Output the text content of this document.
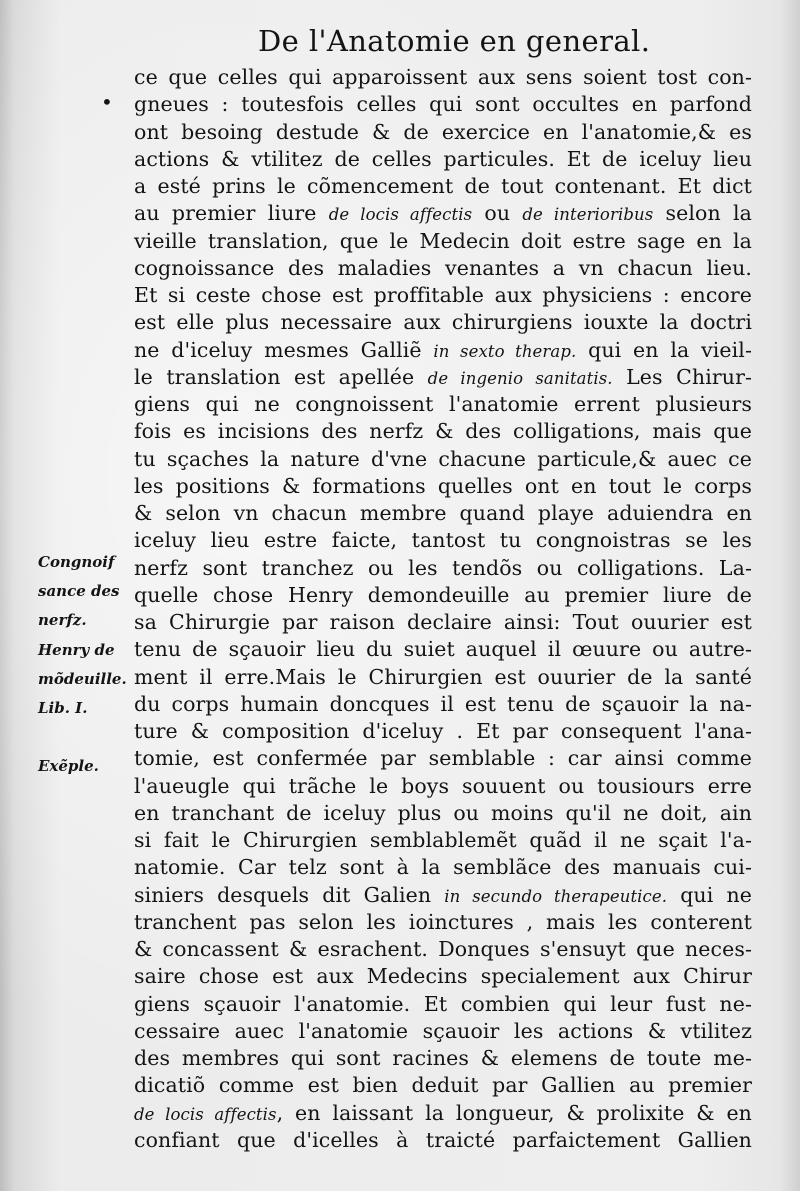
De l'Anatomie en general.
•
ce que celles qui apparoissent aux sens soient tost con-
gneues : toutesfois celles qui sont occultes en parfond
ont besoing destude & de exercice en l'anatomie,& es
actions & vtilitez de celles particules. Et de iceluy lieu
a esté prins le cõmencement de tout contenant. Et dict
au premier liure de locis affectis ou de interioribus selon la
vieille translation, que le Medecin doit estre sage en la
cognoissance des maladies venantes a vn chacun lieu.
Et si ceste chose est proffitable aux physiciens : encore
est elle plus necessaire aux chirurgiens iouxte la doctri
ne d'iceluy mesmes Galliẽ in sexto therap. qui en la vieil-
le translation est apellée de ingenio sanitatis. Les Chirur-
giens qui ne congnoissent l'anatomie errent plusieurs
fois es incisions des nerfz & des colligations, mais que
tu sçaches la nature d'vne chacune particule,& auec ce
les positions & formations quelles ont en tout le corps
& selon vn chacun membre quand playe aduiendra en
iceluy lieu estre faicte, tantost tu congnoistras se les
nerfz sont tranchez ou les tendõs ou colligations. La-
quelle chose Henry demondeuille au premier liure de
sa Chirurgie par raison declaire ainsi: Tout ouurier est
tenu de sçauoir lieu du suiet auquel il œuure ou autre-
ment il erre.Mais le Chirurgien est ouurier de la santé
du corps humain doncques il est tenu de sçauoir la na-
ture & composition d'iceluy . Et par consequent l'ana-
tomie, est confermée par semblable : car ainsi comme
l'aueugle qui trãche le boys souuent ou tousiours erre
en tranchant de iceluy plus ou moins qu'il ne doit, ain
si fait le Chirurgien semblablemẽt quãd il ne sçait l'a-
natomie. Car telz sont à la semblãce des manuais cui-
siniers desquels dit Galien in secundo therapeutice. qui ne
tranchent pas selon les ioinctures , mais les conterent
& concassent & esrachent. Donques s'ensuyt que neces-
saire chose est aux Medecins specialement aux Chirur
giens sçauoir l'anatomie. Et combien qui leur fust ne-
cessaire auec l'anatomie sçauoir les actions & vtilitez
des membres qui sont racines & elemens de toute me-
dicatiõ comme est bien deduit par Gallien au premier
de locis affectis, en laissant la longueur, & prolixite & en
confiant que d'icelles à traicté parfaictement Gallien
Congnoif
sance des
nerfz.
Henry de
mõdeuille.
Lib. I.
Exẽple.
